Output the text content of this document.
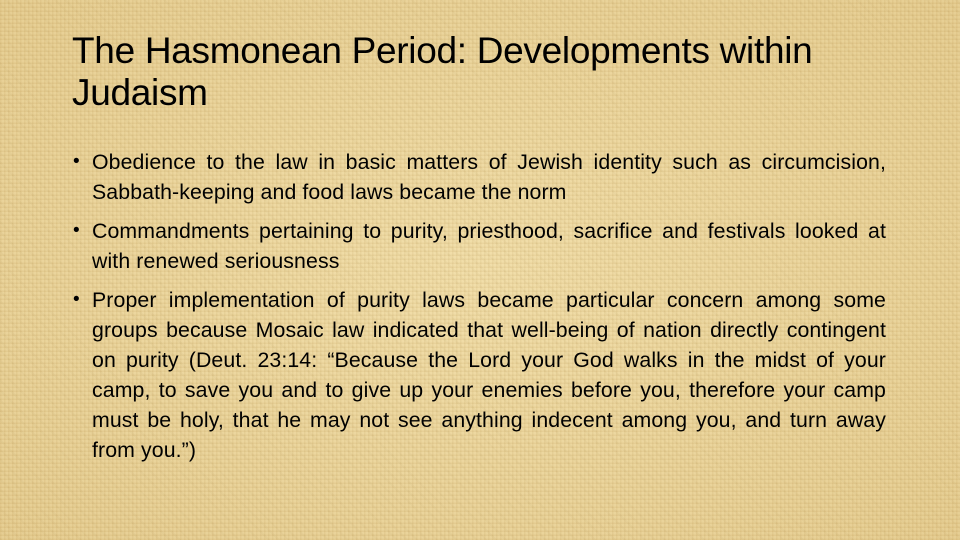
The Hasmonean Period: Developments within Judaism
• Obedience to the law in basic matters of Jewish identity such as circumcision, Sabbath-keeping and food laws became the norm
• Commandments pertaining to purity, priesthood, sacrifice and festivals looked at with renewed seriousness
• Proper implementation of purity laws became particular concern among some groups because Mosaic law indicated that well-being of nation directly contingent on purity (Deut. 23:14: “Because the Lord your God walks in the midst of your camp, to save you and to give up your enemies before you, therefore your camp must be holy, that he may not see anything indecent among you, and turn away from you.”)
